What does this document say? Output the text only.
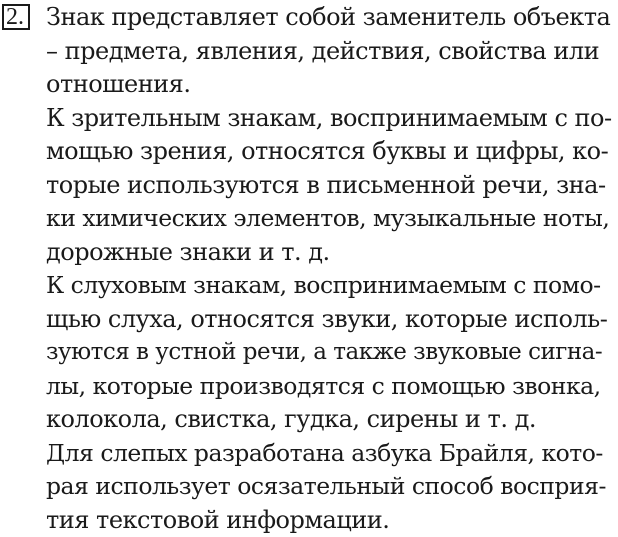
2. Знак представляет собой заменитель объекта
– предмета, явления, действия, свойства или
отношения.
К зрительным знакам, воспринимаемым с по-
мощью зрения, относятся буквы и цифры, ко-
торые используются в письменной речи, зна-
ки химических элементов, музыкальные ноты,
дорожные знаки и т. д.
К слуховым знакам, воспринимаемым с помо-
щью слуха, относятся звуки, которые исполь-
зуются в устной речи, а также звуковые сигна-
лы, которые производятся с помощью звонка,
колокола, свистка, гудка, сирены и т. д.
Для слепых разработана азбука Брайля, кото-
рая использует осязательный способ восприя-
тия текстовой информации.
